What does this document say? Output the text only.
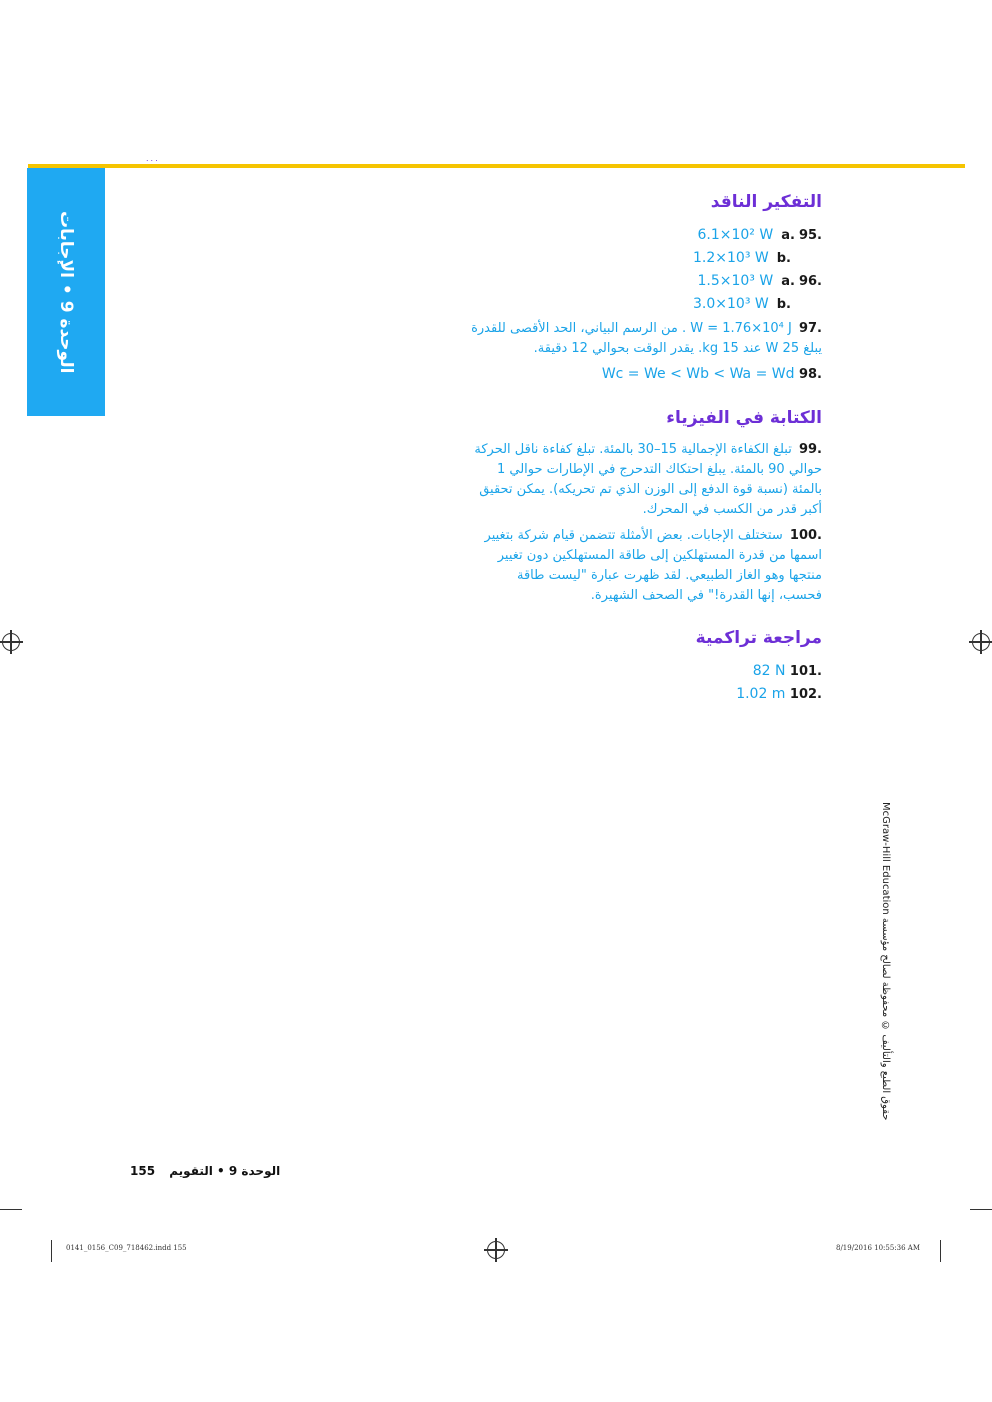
...
الوحدة 9 • الإجابات
التفكير الناقد
.95.a6.1×10² W
.b1.2×10³ W
.96.a1.5×10³ W
.b3.0×10³ W
.97 W = 1.76×10⁴ J . من الرسم البياني، الحد الأقصى للقدرة يبلغ 25 W عند 15 kg. يقدر الوقت بحوالي 12 دقيقة.
.98 Wc = We < Wb < Wa = Wd
الكتابة في الفيزياء
.99 تبلغ الكفاءة الإجمالية 15–30 بالمئة. تبلغ كفاءة ناقل الحركة حوالي 90 بالمئة. يبلغ احتكاك التدحرج في الإطارات حوالي 1 بالمئة (نسبة قوة الدفع إلى الوزن الذي تم تحريكه). يمكن تحقيق أكبر قدر من الكسب في المحرك.
.100 ستختلف الإجابات. بعض الأمثلة تتضمن قيام شركة بتغيير اسمها من قدرة المستهلكين إلى طاقة المستهلكين دون تغيير منتجها وهو الغاز الطبيعي. لقد ظهرت عبارة "ليست طاقة فحسب، إنها القدرة!" في الصحف الشهيرة.
مراجعة تراكمية
.101 82 N
.102 1.02 m
حقوق الطبع والتأليف © محفوظة لصالح مؤسسة McGraw-Hill Education
155 الوحدة 9 • التقويم
0141_0156_C09_718462.indd 155	8/19/2016 10:55:36 AM
